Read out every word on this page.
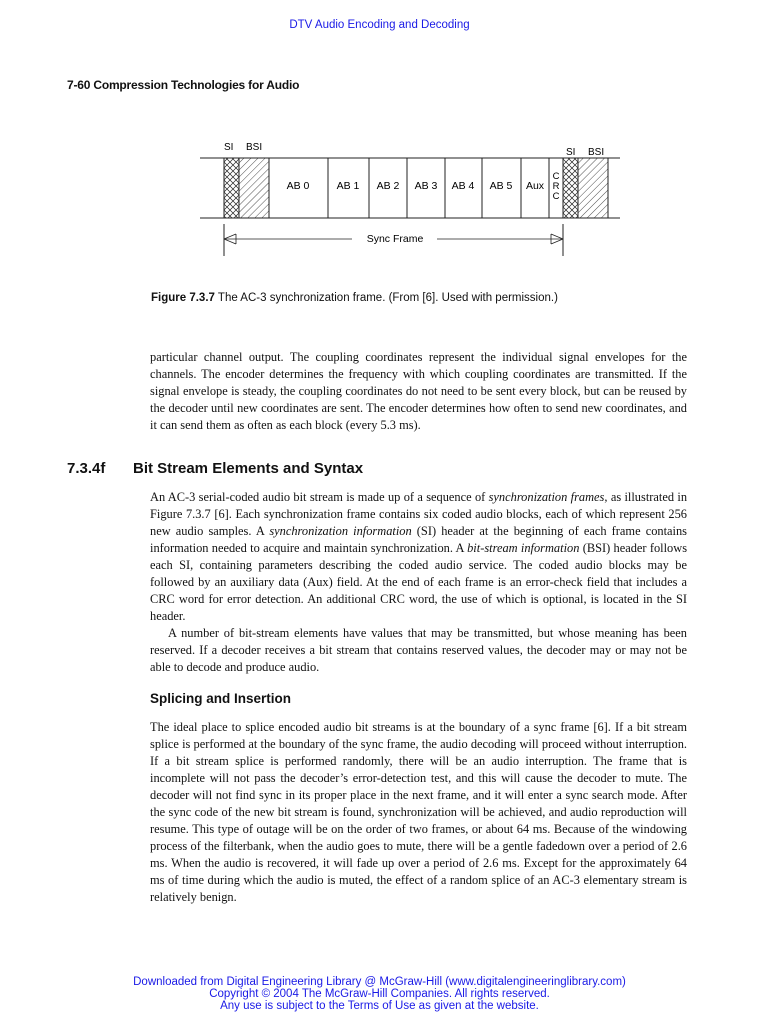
DTV Audio Encoding and Decoding
7-60 Compression Technologies for Audio
SI BSI	SI BSI
AB 0	AB 1 AB 2 AB 3 AB 4 AB 5 Aux
C
R
C
Sync Frame
Figure 7.3.7 The AC-3 synchronization frame. (From [6]. Used with permission.)

particular channel output. The coupling coordinates represent the individual signal envelopes for the channels. The encoder determines the frequency with which coupling coordinates are transmitted. If the signal envelope is steady, the coupling coordinates do not need to be sent every block, but can be reused by the decoder until new coordinates are sent. The encoder determines how often to send new coordinates, and it can send them as often as each block (every 5.3 ms).

7.3.4f Bit Stream Elements and Syntax

An AC-3 serial-coded audio bit stream is made up of a sequence of synchronization frames, as illustrated in Figure 7.3.7 [6]. Each synchronization frame contains six coded audio blocks, each of which represent 256 new audio samples. A synchronization information (SI) header at the beginning of each frame contains information needed to acquire and maintain synchronization. A bit-stream information (BSI) header follows each SI, containing parameters describing the coded audio service. The coded audio blocks may be followed by an auxiliary data (Aux) field. At the end of each frame is an error-check field that includes a CRC word for error detection. An additional CRC word, the use of which is optional, is located in the SI header.

A number of bit-stream elements have values that may be transmitted, but whose meaning has been reserved. If a decoder receives a bit stream that contains reserved values, the decoder may or may not be able to decode and produce audio.

Splicing and Insertion

The ideal place to splice encoded audio bit streams is at the boundary of a sync frame [6]. If a bit stream splice is performed at the boundary of the sync frame, the audio decoding will proceed without interruption. If a bit stream splice is performed randomly, there will be an audio interruption. The frame that is incomplete will not pass the decoder’s error-detection test, and this will cause the decoder to mute. The decoder will not find sync in its proper place in the next frame, and it will enter a sync search mode. After the sync code of the new bit stream is found, synchronization will be achieved, and audio reproduction will resume. This type of outage will be on the order of two frames, or about 64 ms. Because of the windowing process of the filterbank, when the audio goes to mute, there will be a gentle fadedown over a period of 2.6 ms. When the audio is recovered, it will fade up over a period of 2.6 ms. Except for the approximately 64 ms of time during which the audio is muted, the effect of a random splice of an AC-3 elementary stream is relatively benign.

Downloaded from Digital Engineering Library @ McGraw-Hill (www.digitalengineeringlibrary.com)
Copyright © 2004 The McGraw-Hill Companies. All rights reserved.
Any use is subject to the Terms of Use as given at the website.
